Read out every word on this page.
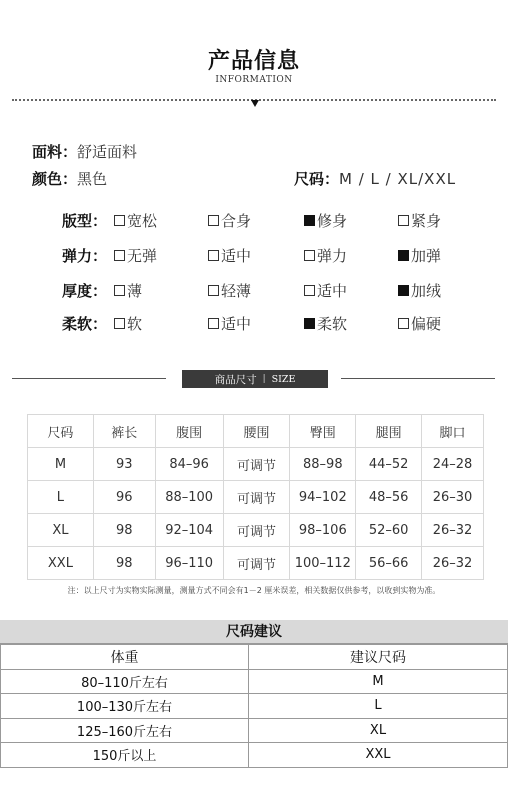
产品信息
INFORMATION
面料：舒适面料
颜色：黑色	尺码：M / L / XL/XXL
版型： 宽松	合身	修身	紧身
弹力： 无弹	适中	弹力	加弹
厚度： 薄	轻薄	适中	加绒
柔软： 软	适中	柔软	偏硬
商品尺寸 | SIZE
尺码	裤长	腹围	腰围	臀围	腿围	脚口
M	93	84–96	可调节	88–98	44–52	24–28
L	96	88–100	可调节	94–102	48–56	26–30
XL	98	92–104	可调节	98–106	52–60	26–32
XXL	98	96–110	可调节	100–112	56–66	26–32
注：以上尺寸为实物实际测量，测量方式不同会有1－2 厘米误差，相关数据仅供参考，以收到实物为准。
尺码建议
体重	建议尺码
80–110斤左右	M
100–130斤左右	L
125–160斤左右	XL
150斤以上	XXL
